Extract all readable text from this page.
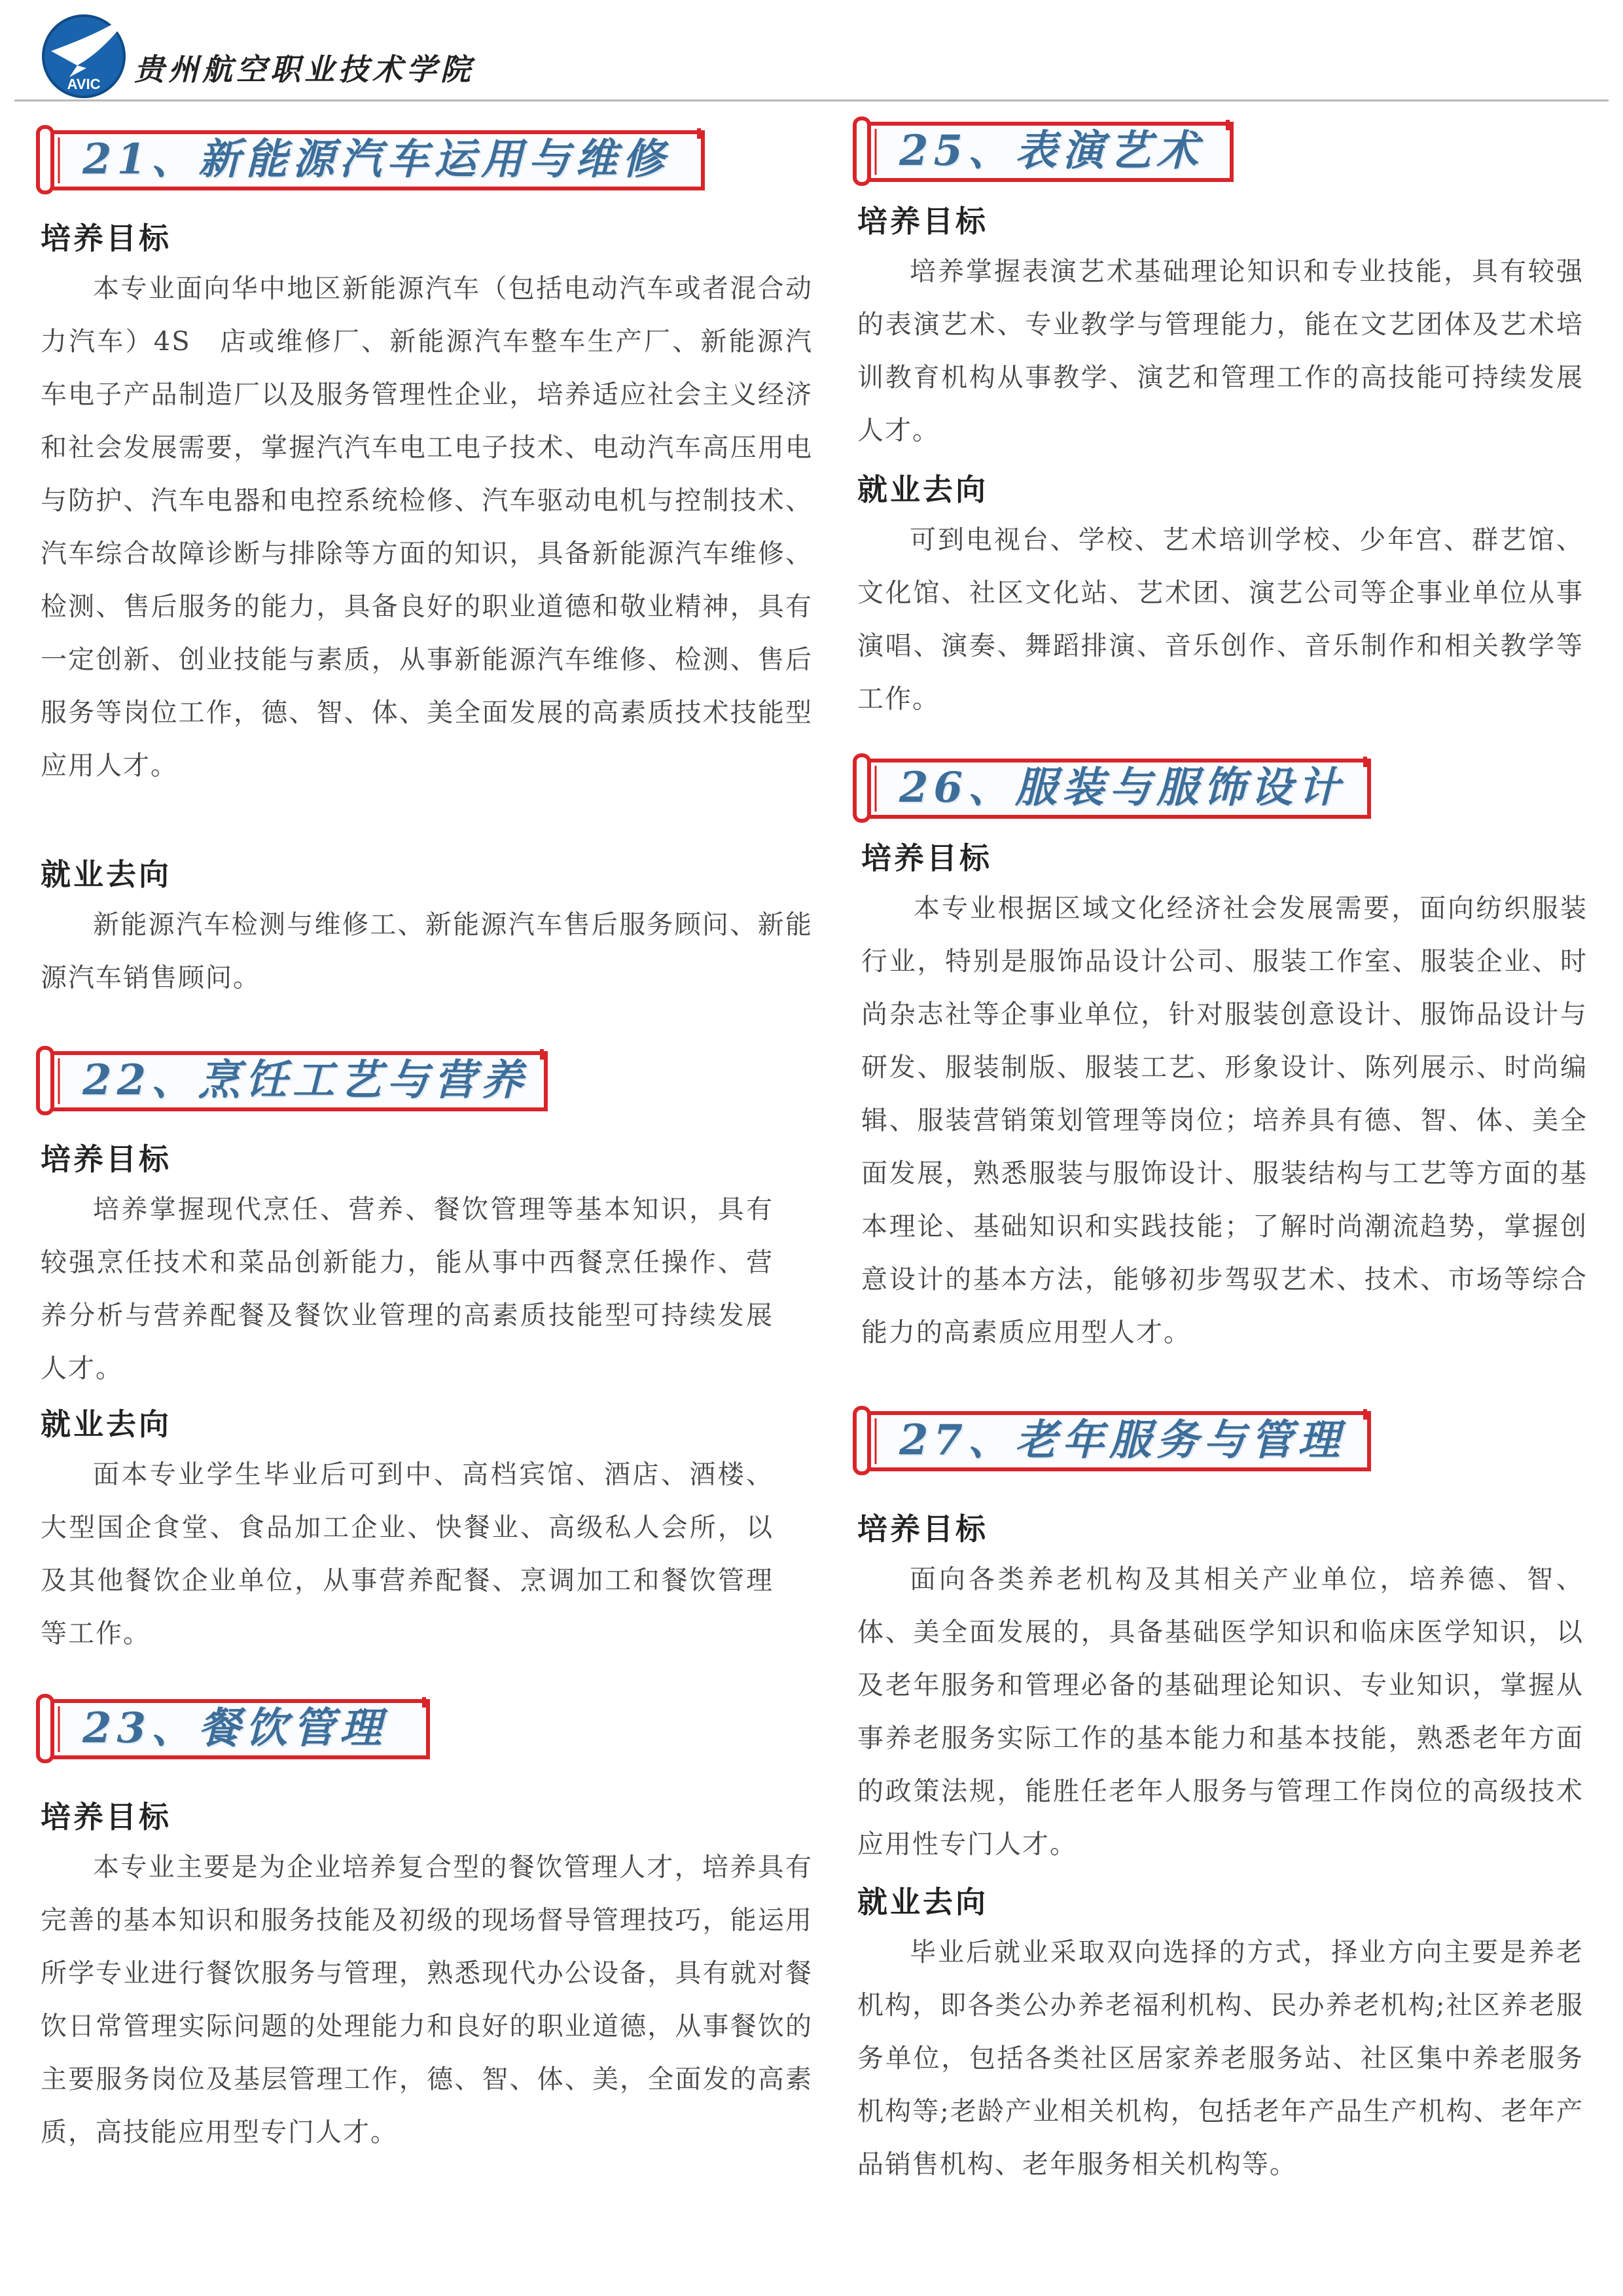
AVIC 贵州航空职业技术学院
21、新能源汽车运用与维修
培养目标
本专业面向华中地区新能源汽车（包括电动汽车或者混合动力汽车）4S　店或维修厂、新能源汽车整车生产厂、新能源汽车电子产品制造厂以及服务管理性企业，培养适应社会主义经济和社会发展需要，掌握汽汽车电工电子技术、电动汽车高压用电与防护、汽车电器和电控系统检修、汽车驱动电机与控制技术、汽车综合故障诊断与排除等方面的知识，具备新能源汽车维修、检测、售后服务的能力，具备良好的职业道德和敬业精神，具有一定创新、创业技能与素质，从事新能源汽车维修、检测、售后服务等岗位工作，德、智、体、美全面发展的高素质技术技能型应用人才。
就业去向
新能源汽车检测与维修工、新能源汽车售后服务顾问、新能源汽车销售顾问。
22、烹饪工艺与营养
培养目标
培养掌握现代烹任、营养、餐饮管理等基本知识，具有较强烹任技术和菜品创新能力，能从事中西餐烹任操作、营养分析与营养配餐及餐饮业管理的高素质技能型可持续发展人才。
就业去向
面本专业学生毕业后可到中、高档宾馆、酒店、酒楼、大型国企食堂、食品加工企业、快餐业、高级私人会所，以及其他餐饮企业单位，从事营养配餐、烹调加工和餐饮管理等工作。
23、餐饮管理
培养目标
本专业主要是为企业培养复合型的餐饮管理人才，培养具有完善的基本知识和服务技能及初级的现场督导管理技巧，能运用所学专业进行餐饮服务与管理，熟悉现代办公设备，具有就对餐饮日常管理实际问题的处理能力和良好的职业道德，从事餐饮的主要服务岗位及基层管理工作，德、智、体、美，全面发的高素质，高技能应用型专门人才。
25、表演艺术
培养目标
培养掌握表演艺术基础理论知识和专业技能，具有较强的表演艺术、专业教学与管理能力，能在文艺团体及艺术培训教育机构从事教学、演艺和管理工作的高技能可持续发展人才。
就业去向
可到电视台、学校、艺术培训学校、少年宫、群艺馆、文化馆、社区文化站、艺术团、演艺公司等企事业单位从事演唱、演奏、舞蹈排演、音乐创作、音乐制作和相关教学等工作。
26、服装与服饰设计
培养目标
本专业根据区域文化经济社会发展需要，面向纺织服装行业，特别是服饰品设计公司、服装工作室、服装企业、时尚杂志社等企事业单位，针对服装创意设计、服饰品设计与研发、服装制版、服装工艺、形象设计、陈列展示、时尚编辑、服装营销策划管理等岗位；培养具有德、智、体、美全面发展，熟悉服装与服饰设计、服装结构与工艺等方面的基本理论、基础知识和实践技能；了解时尚潮流趋势，掌握创意设计的基本方法，能够初步驾驭艺术、技术、市场等综合能力的高素质应用型人才。
27、老年服务与管理
培养目标
面向各类养老机构及其相关产业单位，培养德、智、体、美全面发展的，具备基础医学知识和临床医学知识，以及老年服务和管理必备的基础理论知识、专业知识，掌握从事养老服务实际工作的基本能力和基本技能，熟悉老年方面的政策法规，能胜任老年人服务与管理工作岗位的高级技术应用性专门人才。
就业去向
毕业后就业采取双向选择的方式，择业方向主要是养老机构，即各类公办养老福利机构、民办养老机构;社区养老服务单位，包括各类社区居家养老服务站、社区集中养老服务机构等;老龄产业相关机构，包括老年产品生产机构、老年产品销售机构、老年服务相关机构等。
